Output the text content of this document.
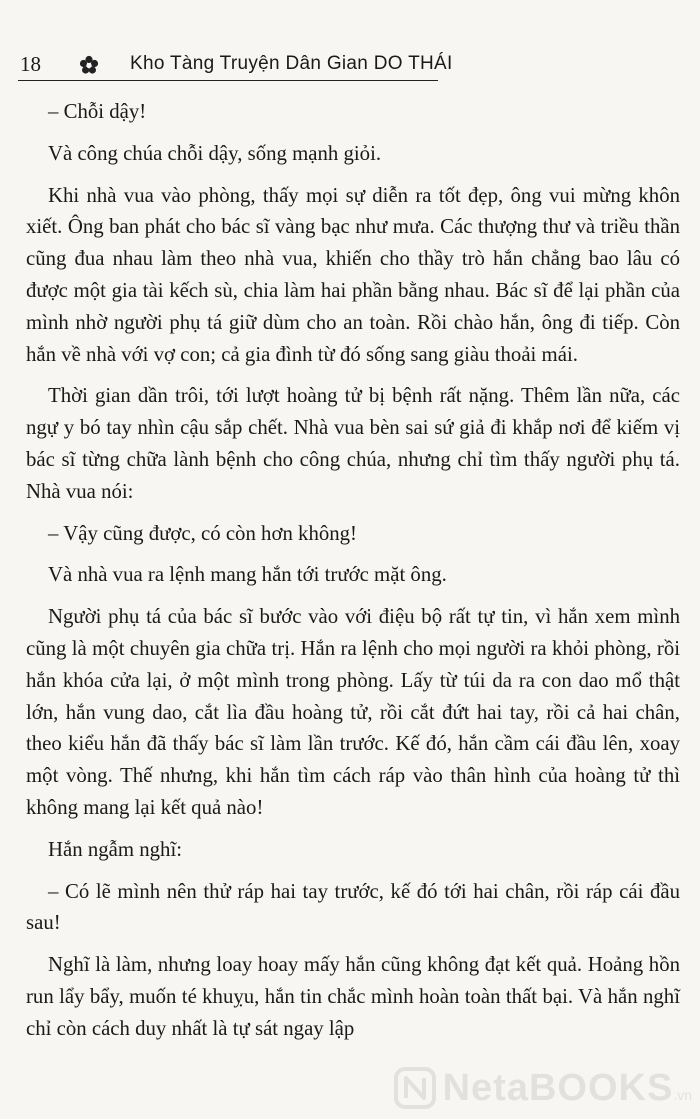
18	Kho Tàng Truyện Dân Gian DO THÁI

– Chỗi dậy!

Và công chúa chỗi dậy, sống mạnh giỏi.

Khi nhà vua vào phòng, thấy mọi sự diễn ra tốt đẹp, ông vui mừng khôn xiết. Ông ban phát cho bác sĩ vàng bạc như mưa. Các thượng thư và triều thần cũng đua nhau làm theo nhà vua, khiến cho thầy trò hắn chẳng bao lâu có được một gia tài kếch sù, chia làm hai phần bằng nhau. Bác sĩ để lại phần của mình nhờ người phụ tá giữ dùm cho an toàn. Rồi chào hắn, ông đi tiếp. Còn hắn về nhà với vợ con; cả gia đình từ đó sống sang giàu thoải mái.

Thời gian dần trôi, tới lượt hoàng tử bị bệnh rất nặng. Thêm lần nữa, các ngự y bó tay nhìn cậu sắp chết. Nhà vua bèn sai sứ giả đi khắp nơi để kiếm vị bác sĩ từng chữa lành bệnh cho công chúa, nhưng chỉ tìm thấy người phụ tá. Nhà vua nói:

– Vậy cũng được, có còn hơn không!

Và nhà vua ra lệnh mang hắn tới trước mặt ông.

Người phụ tá của bác sĩ bước vào với điệu bộ rất tự tin, vì hắn xem mình cũng là một chuyên gia chữa trị. Hắn ra lệnh cho mọi người ra khỏi phòng, rồi hắn khóa cửa lại, ở một mình trong phòng. Lấy từ túi da ra con dao mổ thật lớn, hắn vung dao, cắt lìa đầu hoàng tử, rồi cắt đứt hai tay, rồi cả hai chân, theo kiểu hắn đã thấy bác sĩ làm lần trước. Kế đó, hắn cầm cái đầu lên, xoay một vòng. Thế nhưng, khi hắn tìm cách ráp vào thân hình của hoàng tử thì không mang lại kết quả nào!

Hắn ngẫm nghĩ:

– Có lẽ mình nên thử ráp hai tay trước, kế đó tới hai chân, rồi ráp cái đầu sau!

Nghĩ là làm, nhưng loay hoay mấy hắn cũng không đạt kết quả. Hoảng hồn run lẩy bẩy, muốn té khuỵu, hắn tin chắc mình hoàn toàn thất bại. Và hắn nghĩ chỉ còn cách duy nhất là tự sát ngay lập

NetaBOOKS .vn
